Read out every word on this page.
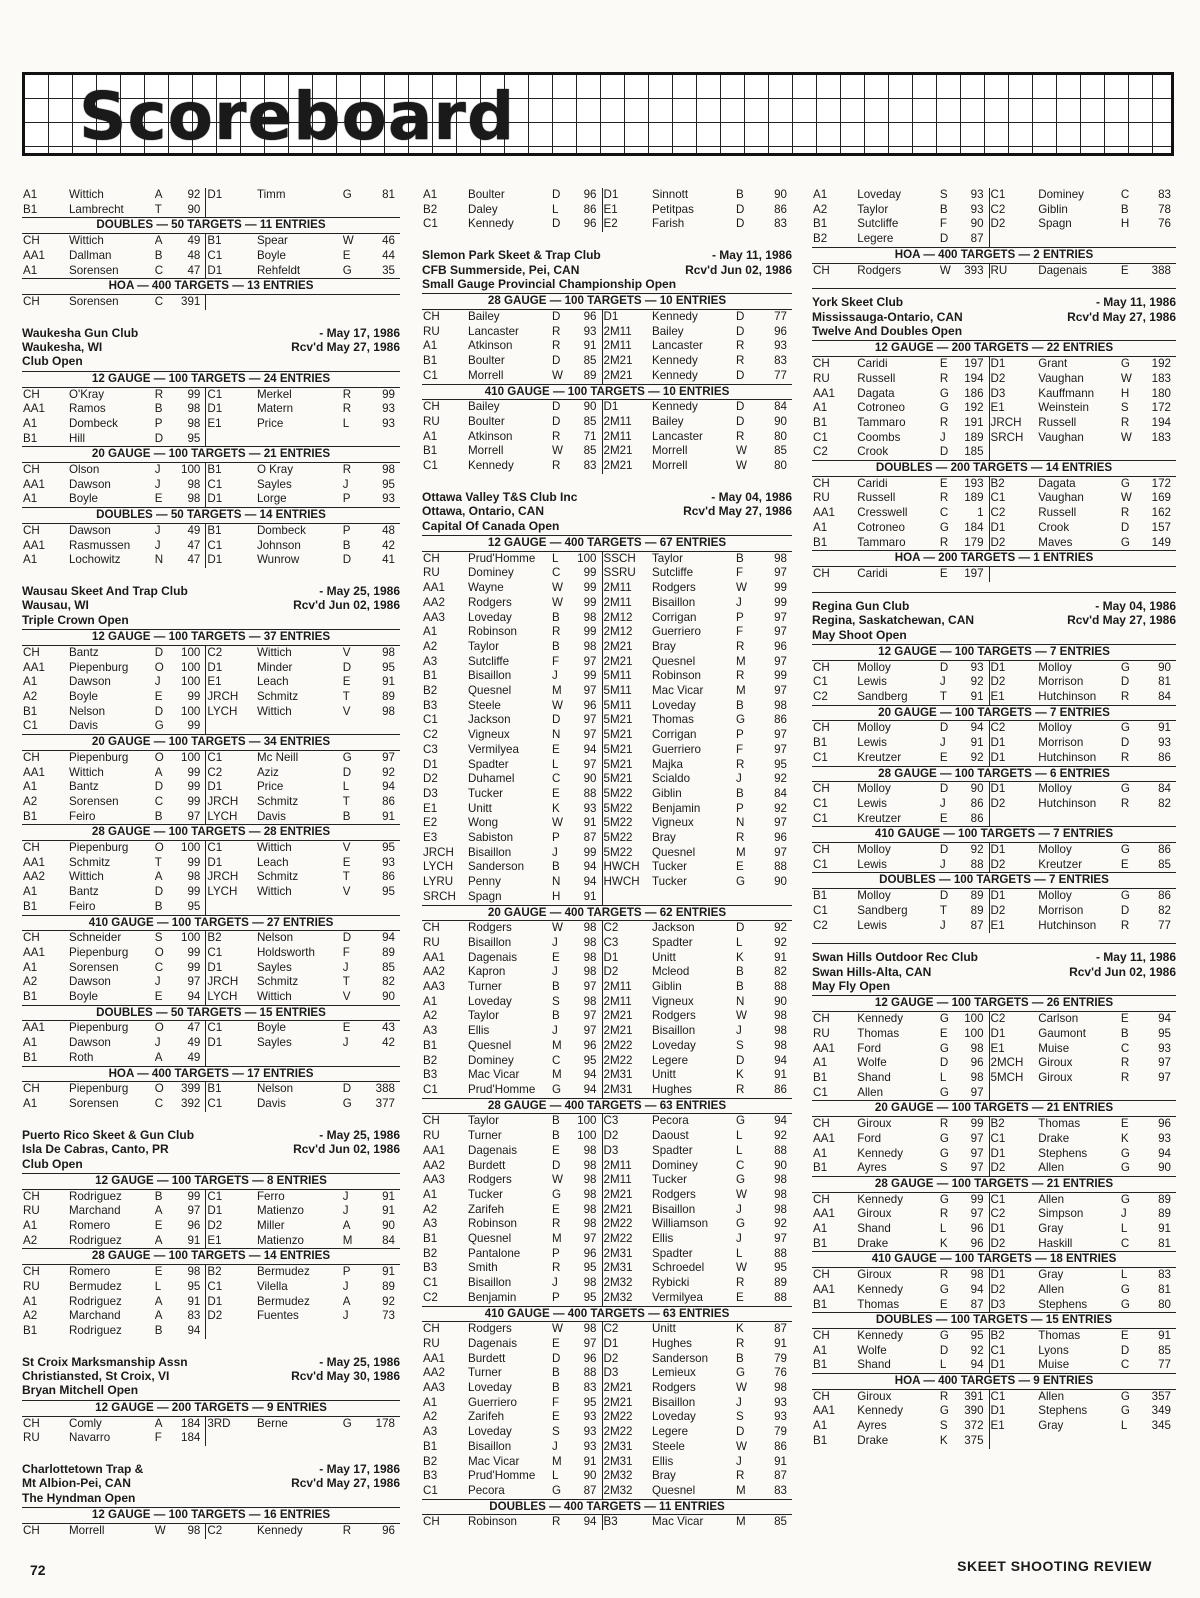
Scoreboard
A1	Wittich	A	92	D1	Timm	G	81
B1	Lambrecht	T	90				
DOUBLES — 50 TARGETS — 11 ENTRIES
CH	Wittich	A	49	B1	Spear	W	46
AA1	Dallman	B	48	C1	Boyle	E	44
A1	Sorensen	C	47	D1	Rehfeldt	G	35
HOA — 400 TARGETS — 13 ENTRIES
CH	Sorensen	C	391				
Waukesha Gun Club	- May 17, 1986
Waukesha, WI	Rcv'd May 27, 1986
Club Open
12 GAUGE — 100 TARGETS — 24 ENTRIES
CH	O'Kray	R	99	C1	Merkel	R	99
AA1	Ramos	B	98	D1	Matern	R	93
A1	Dombeck	P	98	E1	Price	L	93
B1	Hill	D	95				
20 GAUGE — 100 TARGETS — 21 ENTRIES
CH	Olson	J	100	B1	O Kray	R	98
AA1	Dawson	J	98	C1	Sayles	J	95
A1	Boyle	E	98	D1	Lorge	P	93
DOUBLES — 50 TARGETS — 14 ENTRIES
CH	Dawson	J	49	B1	Dombeck	P	48
AA1	Rasmussen	J	47	C1	Johnson	B	42
A1	Lochowitz	N	47	D1	Wunrow	D	41
Wausau Skeet And Trap Club	- May 25, 1986
Wausau, WI	Rcv'd Jun 02, 1986
Triple Crown Open
12 GAUGE — 100 TARGETS — 37 ENTRIES
CH	Bantz	D	100	C2	Wittich	V	98
AA1	Piepenburg	O	100	D1	Minder	D	95
A1	Dawson	J	100	E1	Leach	E	91
A2	Boyle	E	99	JRCH	Schmitz	T	89
B1	Nelson	D	100	LYCH	Wittich	V	98
C1	Davis	G	99				
20 GAUGE — 100 TARGETS — 34 ENTRIES
CH	Piepenburg	O	100	C1	Mc Neill	G	97
AA1	Wittich	A	99	C2	Aziz	D	92
A1	Bantz	D	99	D1	Price	L	94
A2	Sorensen	C	99	JRCH	Schmitz	T	86
B1	Feiro	B	97	LYCH	Davis	B	91
28 GAUGE — 100 TARGETS — 28 ENTRIES
CH	Piepenburg	O	100	C1	Wittich	V	95
AA1	Schmitz	T	99	D1	Leach	E	93
AA2	Wittich	A	98	JRCH	Schmitz	T	86
A1	Bantz	D	99	LYCH	Wittich	V	95
B1	Feiro	B	95				
410 GAUGE — 100 TARGETS — 27 ENTRIES
CH	Schneider	S	100	B2	Nelson	D	94
AA1	Piepenburg	O	99	C1	Holdsworth	F	89
A1	Sorensen	C	99	D1	Sayles	J	85
A2	Dawson	J	97	JRCH	Schmitz	T	82
B1	Boyle	E	94	LYCH	Wittich	V	90
DOUBLES — 50 TARGETS — 15 ENTRIES
AA1	Piepenburg	O	47	C1	Boyle	E	43
A1	Dawson	J	49	D1	Sayles	J	42
B1	Roth	A	49				
HOA — 400 TARGETS — 17 ENTRIES
CH	Piepenburg	O	399	B1	Nelson	D	388
A1	Sorensen	C	392	C1	Davis	G	377
Puerto Rico Skeet & Gun Club	- May 25, 1986
Isla De Cabras, Canto, PR	Rcv'd Jun 02, 1986
Club Open
12 GAUGE — 100 TARGETS — 8 ENTRIES
CH	Rodriguez	B	99	C1	Ferro	J	91
RU	Marchand	A	97	D1	Matienzo	J	91
A1	Romero	E	96	D2	Miller	A	90
A2	Rodriguez	A	91	E1	Matienzo	M	84
28 GAUGE — 100 TARGETS — 14 ENTRIES
CH	Romero	E	98	B2	Bermudez	P	91
RU	Bermudez	L	95	C1	Vilella	J	89
A1	Rodriguez	A	91	D1	Bermudez	A	92
A2	Marchand	A	83	D2	Fuentes	J	73
B1	Rodriguez	B	94				
St Croix Marksmanship Assn	- May 25, 1986
Christiansted, St Croix, VI	Rcv'd May 30, 1986
Bryan Mitchell Open
12 GAUGE — 200 TARGETS — 9 ENTRIES
CH	Comly	A	184	3RD	Berne	G	178
RU	Navarro	F	184				
Charlottetown Trap &	- May 17, 1986
Mt Albion-Pei, CAN	Rcv'd May 27, 1986
The Hyndman Open
12 GAUGE — 100 TARGETS — 16 ENTRIES
CH	Morrell	W	98	C2	Kennedy	R	96
A1	Boulter	D	96	D1	Sinnott	B	90
B2	Daley	L	86	E1	Petitpas	D	86
C1	Kennedy	D	96	E2	Farish	D	83
Slemon Park Skeet & Trap Club	- May 11, 1986
CFB Summerside, Pei, CAN	Rcv'd Jun 02, 1986
Small Gauge Provincial Championship Open
28 GAUGE — 100 TARGETS — 10 ENTRIES
CH	Bailey	D	96	D1	Kennedy	D	77
RU	Lancaster	R	93	2M11	Bailey	D	96
A1	Atkinson	R	91	2M11	Lancaster	R	93
B1	Boulter	D	85	2M21	Kennedy	R	83
C1	Morrell	W	89	2M21	Kennedy	D	77
410 GAUGE — 100 TARGETS — 10 ENTRIES
CH	Bailey	D	90	D1	Kennedy	D	84
RU	Boulter	D	85	2M11	Bailey	D	90
A1	Atkinson	R	71	2M11	Lancaster	R	80
B1	Morrell	W	85	2M21	Morrell	W	85
C1	Kennedy	R	83	2M21	Morrell	W	80
Ottawa Valley T&S Club Inc	- May 04, 1986
Ottawa, Ontario, CAN	Rcv'd May 27, 1986
Capital Of Canada Open
12 GAUGE — 400 TARGETS — 67 ENTRIES
CH	Prud'Homme	L	100	SSCH	Taylor	B	98
RU	Dominey	C	99	SSRU	Sutcliffe	F	97
AA1	Wayne	W	99	2M11	Rodgers	W	99
AA2	Rodgers	W	99	2M11	Bisaillon	J	99
AA3	Loveday	B	98	2M12	Corrigan	P	97
A1	Robinson	R	99	2M12	Guerriero	F	97
A2	Taylor	B	98	2M21	Bray	R	96
A3	Sutcliffe	F	97	2M21	Quesnel	M	97
B1	Bisaillon	J	99	5M11	Robinson	R	99
B2	Quesnel	M	97	5M11	Mac Vicar	M	97
B3	Steele	W	96	5M11	Loveday	B	98
C1	Jackson	D	97	5M21	Thomas	G	86
C2	Vigneux	N	97	5M21	Corrigan	P	97
C3	Vermilyea	E	94	5M21	Guerriero	F	97
D1	Spadter	L	97	5M21	Majka	R	95
D2	Duhamel	C	90	5M21	Scialdo	J	92
D3	Tucker	E	88	5M22	Giblin	B	84
E1	Unitt	K	93	5M22	Benjamin	P	92
E2	Wong	W	91	5M22	Vigneux	N	97
E3	Sabiston	P	87	5M22	Bray	R	96
JRCH	Bisaillon	J	99	5M22	Quesnel	M	97
LYCH	Sanderson	B	94	HWCH	Tucker	E	88
LYRU	Penny	N	94	HWCH	Tucker	G	90
SRCH	Spagn	H	91				
20 GAUGE — 400 TARGETS — 62 ENTRIES
CH	Rodgers	W	98	C2	Jackson	D	92
RU	Bisaillon	J	98	C3	Spadter	L	92
AA1	Dagenais	E	98	D1	Unitt	K	91
AA2	Kapron	J	98	D2	Mcleod	B	82
AA3	Turner	B	97	2M11	Giblin	B	88
A1	Loveday	S	98	2M11	Vigneux	N	90
A2	Taylor	B	97	2M21	Rodgers	W	98
A3	Ellis	J	97	2M21	Bisaillon	J	98
B1	Quesnel	M	96	2M22	Loveday	S	98
B2	Dominey	C	95	2M22	Legere	D	94
B3	Mac Vicar	M	94	2M31	Unitt	K	91
C1	Prud'Homme	G	94	2M31	Hughes	R	86
28 GAUGE — 400 TARGETS — 63 ENTRIES
CH	Taylor	B	100	C3	Pecora	G	94
RU	Turner	B	100	D2	Daoust	L	92
AA1	Dagenais	E	98	D3	Spadter	L	88
AA2	Burdett	D	98	2M11	Dominey	C	90
AA3	Rodgers	W	98	2M11	Tucker	G	98
A1	Tucker	G	98	2M21	Rodgers	W	98
A2	Zarifeh	E	98	2M21	Bisaillon	J	98
A3	Robinson	R	98	2M22	Williamson	G	92
B1	Quesnel	M	97	2M22	Ellis	J	97
B2	Pantalone	P	96	2M31	Spadter	L	88
B3	Smith	R	95	2M31	Schroedel	W	95
C1	Bisaillon	J	98	2M32	Rybicki	R	89
C2	Benjamin	P	95	2M32	Vermilyea	E	88
410 GAUGE — 400 TARGETS — 63 ENTRIES
CH	Rodgers	W	98	C2	Unitt	K	87
RU	Dagenais	E	97	D1	Hughes	R	91
AA1	Burdett	D	96	D2	Sanderson	B	79
AA2	Turner	B	88	D3	Lemieux	G	76
AA3	Loveday	B	83	2M21	Rodgers	W	98
A1	Guerriero	F	95	2M21	Bisaillon	J	93
A2	Zarifeh	E	93	2M22	Loveday	S	93
A3	Loveday	S	93	2M22	Legere	D	79
B1	Bisaillon	J	93	2M31	Steele	W	86
B2	Mac Vicar	M	91	2M31	Ellis	J	91
B3	Prud'Homme	L	90	2M32	Bray	R	87
C1	Pecora	G	87	2M32	Quesnel	M	83
DOUBLES — 400 TARGETS — 11 ENTRIES
CH	Robinson	R	94	B3	Mac Vicar	M	85
A1	Loveday	S	93	C1	Dominey	C	83
A2	Taylor	B	93	C2	Giblin	B	78
B1	Sutcliffe	F	90	D2	Spagn	H	76
B2	Legere	D	87				
HOA — 400 TARGETS — 2 ENTRIES
CH	Rodgers	W	393	RU	Dagenais	E	388
York Skeet Club	- May 11, 1986
Mississauga-Ontario, CAN	Rcv'd May 27, 1986
Twelve And Doubles Open
12 GAUGE — 200 TARGETS — 22 ENTRIES
CH	Caridi	E	197	D1	Grant	G	192
RU	Russell	R	194	D2	Vaughan	W	183
AA1	Dagata	G	186	D3	Kauffmann	H	180
A1	Cotroneo	G	192	E1	Weinstein	S	172
B1	Tammaro	R	191	JRCH	Russell	R	194
C1	Coombs	J	189	SRCH	Vaughan	W	183
C2	Crook	D	185				
DOUBLES — 200 TARGETS — 14 ENTRIES
CH	Caridi	E	193	B2	Dagata	G	172
RU	Russell	R	189	C1	Vaughan	W	169
AA1	Cresswell	C	1	C2	Russell	R	162
A1	Cotroneo	G	184	D1	Crook	D	157
B1	Tammaro	R	179	D2	Maves	G	149
HOA — 200 TARGETS — 1 ENTRIES
CH	Caridi	E	197				
Regina Gun Club	- May 04, 1986
Regina, Saskatchewan, CAN	Rcv'd May 27, 1986
May Shoot Open
12 GAUGE — 100 TARGETS — 7 ENTRIES
CH	Molloy	D	93	D1	Molloy	G	90
C1	Lewis	J	92	D2	Morrison	D	81
C2	Sandberg	T	91	E1	Hutchinson	R	84
20 GAUGE — 100 TARGETS — 7 ENTRIES
CH	Molloy	D	94	C2	Molloy	G	91
B1	Lewis	J	91	D1	Morrison	D	93
C1	Kreutzer	E	92	D1	Hutchinson	R	86
28 GAUGE — 100 TARGETS — 6 ENTRIES
CH	Molloy	D	90	D1	Molloy	G	84
C1	Lewis	J	86	D2	Hutchinson	R	82
C1	Kreutzer	E	86				
410 GAUGE — 100 TARGETS — 7 ENTRIES
CH	Molloy	D	92	D1	Molloy	G	86
C1	Lewis	J	88	D2	Kreutzer	E	85
DOUBLES — 100 TARGETS — 7 ENTRIES
B1	Molloy	D	89	D1	Molloy	G	86
C1	Sandberg	T	89	D2	Morrison	D	82
C2	Lewis	J	87	E1	Hutchinson	R	77
Swan Hills Outdoor Rec Club	- May 11, 1986
Swan Hills-Alta, CAN	Rcv'd Jun 02, 1986
May Fly Open
12 GAUGE — 100 TARGETS — 26 ENTRIES
CH	Kennedy	G	100	C2	Carlson	E	94
RU	Thomas	E	100	D1	Gaumont	B	95
AA1	Ford	G	98	E1	Muise	C	93
A1	Wolfe	D	96	2MCH	Giroux	R	97
B1	Shand	L	98	5MCH	Giroux	R	97
C1	Allen	G	97				
20 GAUGE — 100 TARGETS — 21 ENTRIES
CH	Giroux	R	99	B2	Thomas	E	96
AA1	Ford	G	97	C1	Drake	K	93
A1	Kennedy	G	97	D1	Stephens	G	94
B1	Ayres	S	97	D2	Allen	G	90
28 GAUGE — 100 TARGETS — 21 ENTRIES
CH	Kennedy	G	99	C1	Allen	G	89
AA1	Giroux	R	97	C2	Simpson	J	89
A1	Shand	L	96	D1	Gray	L	91
B1	Drake	K	96	D2	Haskill	C	81
410 GAUGE — 100 TARGETS — 18 ENTRIES
CH	Giroux	R	98	D1	Gray	L	83
AA1	Kennedy	G	94	D2	Allen	G	81
B1	Thomas	E	87	D3	Stephens	G	80
DOUBLES — 100 TARGETS — 15 ENTRIES
CH	Kennedy	G	95	B2	Thomas	E	91
A1	Wolfe	D	92	C1	Lyons	D	85
B1	Shand	L	94	D1	Muise	C	77
HOA — 400 TARGETS — 9 ENTRIES
CH	Giroux	R	391	C1	Allen	G	357
AA1	Kennedy	G	390	D1	Stephens	G	349
A1	Ayres	S	372	E1	Gray	L	345
B1	Drake	K	375				
72	SKEET SHOOTING REVIEW
